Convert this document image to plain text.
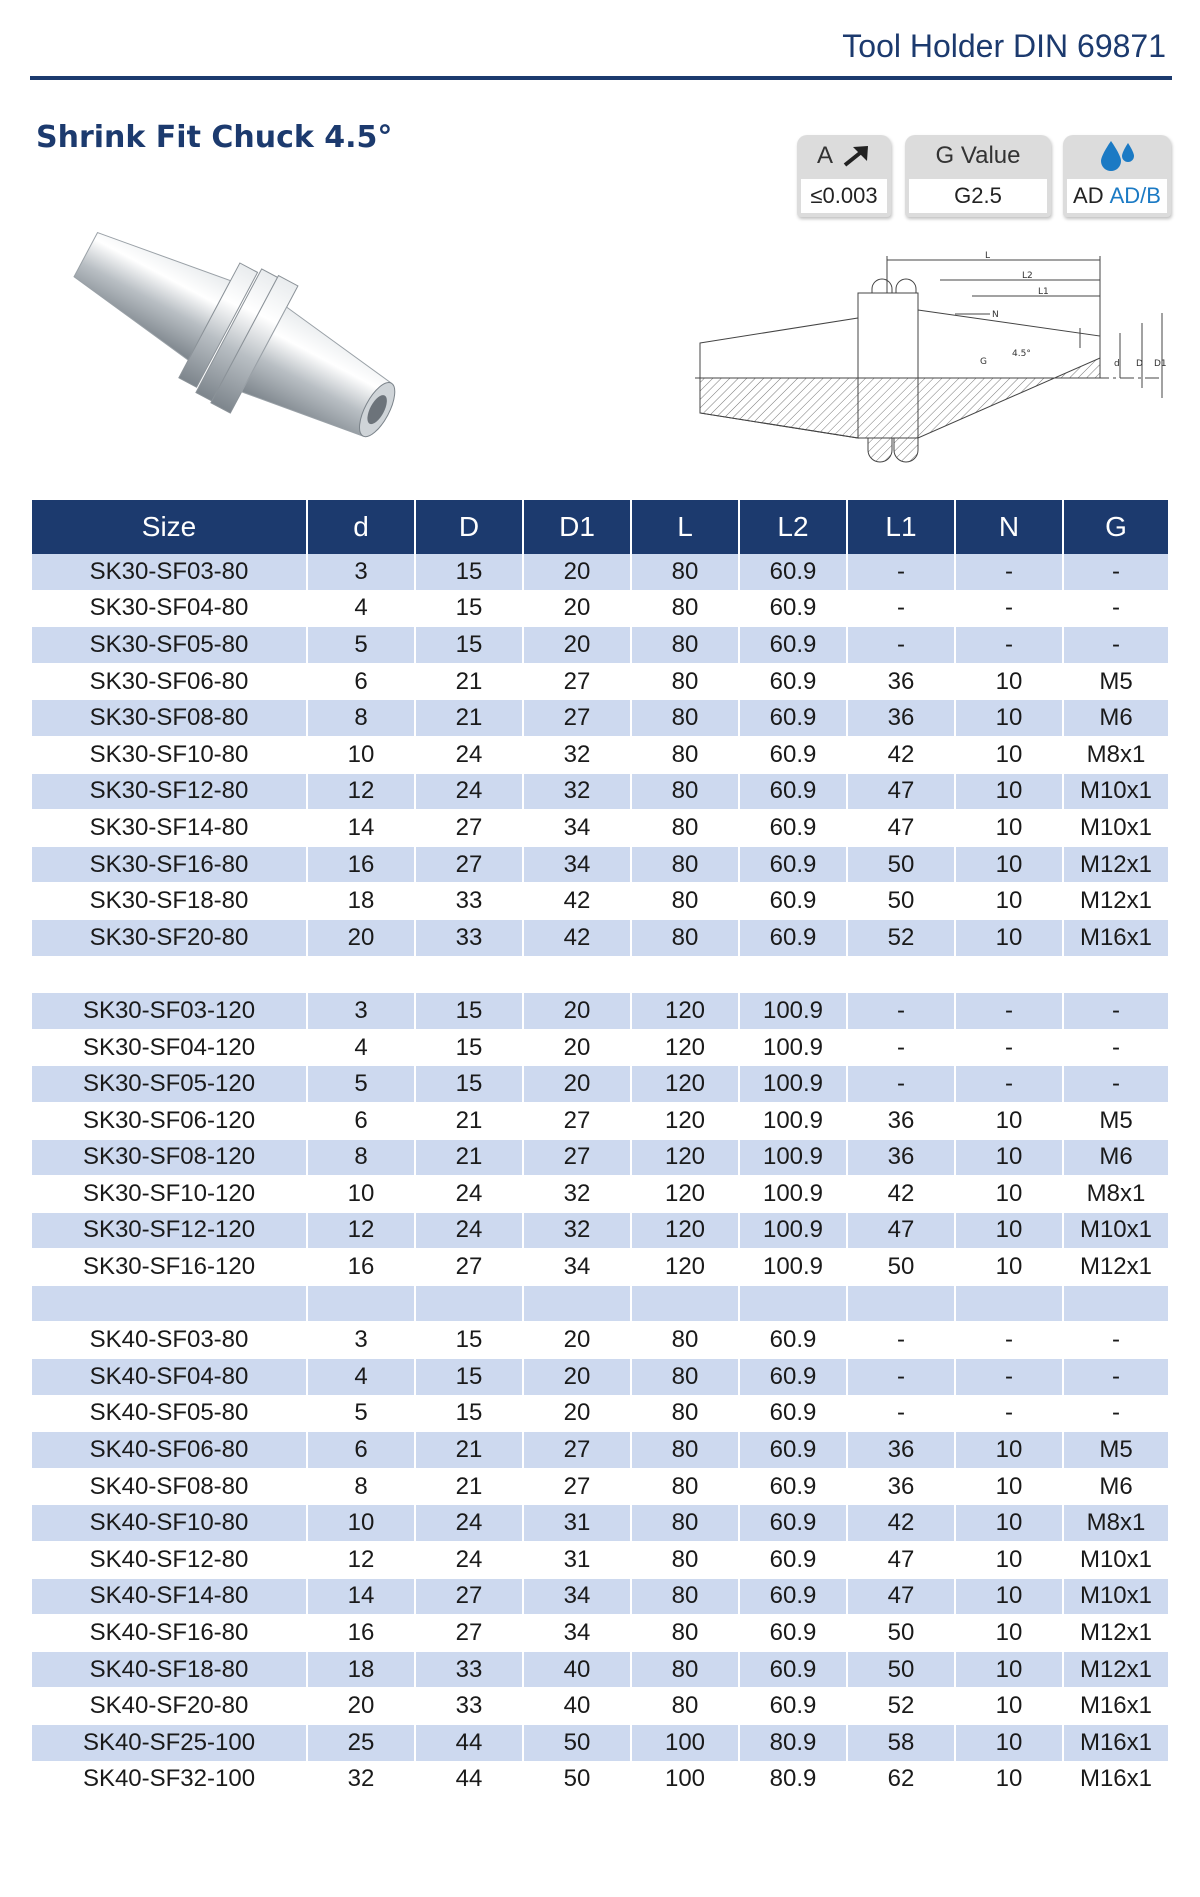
Tool Holder DIN 69871
Shrink Fit Chuck 4.5°
A
≤0.003
G Value
G2.5	AD AD/B
L
L2
L1
N
G
4.5°
d D D1
Size	d	D	D1	L	L2	L1	N	G
SK30-SF03-80	3	15	20	80	60.9	-	-	-
SK30-SF04-80	4	15	20	80	60.9	-	-	-
SK30-SF05-80	5	15	20	80	60.9	-	-	-
SK30-SF06-80	6	21	27	80	60.9	36	10	M5
SK30-SF08-80	8	21	27	80	60.9	36	10	M6
SK30-SF10-80	10	24	32	80	60.9	42	10	M8x1
SK30-SF12-80	12	24	32	80	60.9	47	10	M10x1
SK30-SF14-80	14	27	34	80	60.9	47	10	M10x1
SK30-SF16-80	16	27	34	80	60.9	50	10	M12x1
SK30-SF18-80	18	33	42	80	60.9	50	10	M12x1
SK30-SF20-80	20	33	42	80	60.9	52	10	M16x1

SK30-SF03-120	3	15	20	120	100.9	-	-	-
SK30-SF04-120	4	15	20	120	100.9	-	-	-
SK30-SF05-120	5	15	20	120	100.9	-	-	-
SK30-SF06-120	6	21	27	120	100.9	36	10	M5
SK30-SF08-120	8	21	27	120	100.9	36	10	M6
SK30-SF10-120	10	24	32	120	100.9	42	10	M8x1
SK30-SF12-120	12	24	32	120	100.9	47	10	M10x1
SK30-SF16-120	16	27	34	120	100.9	50	10	M12x1

SK40-SF03-80	3	15	20	80	60.9	-	-	-
SK40-SF04-80	4	15	20	80	60.9	-	-	-
SK40-SF05-80	5	15	20	80	60.9	-	-	-
SK40-SF06-80	6	21	27	80	60.9	36	10	M5
SK40-SF08-80	8	21	27	80	60.9	36	10	M6
SK40-SF10-80	10	24	31	80	60.9	42	10	M8x1
SK40-SF12-80	12	24	31	80	60.9	47	10	M10x1
SK40-SF14-80	14	27	34	80	60.9	47	10	M10x1
SK40-SF16-80	16	27	34	80	60.9	50	10	M12x1
SK40-SF18-80	18	33	40	80	60.9	50	10	M12x1
SK40-SF20-80	20	33	40	80	60.9	52	10	M16x1
SK40-SF25-100	25	44	50	100	80.9	58	10	M16x1
SK40-SF32-100	32	44	50	100	80.9	62	10	M16x1
